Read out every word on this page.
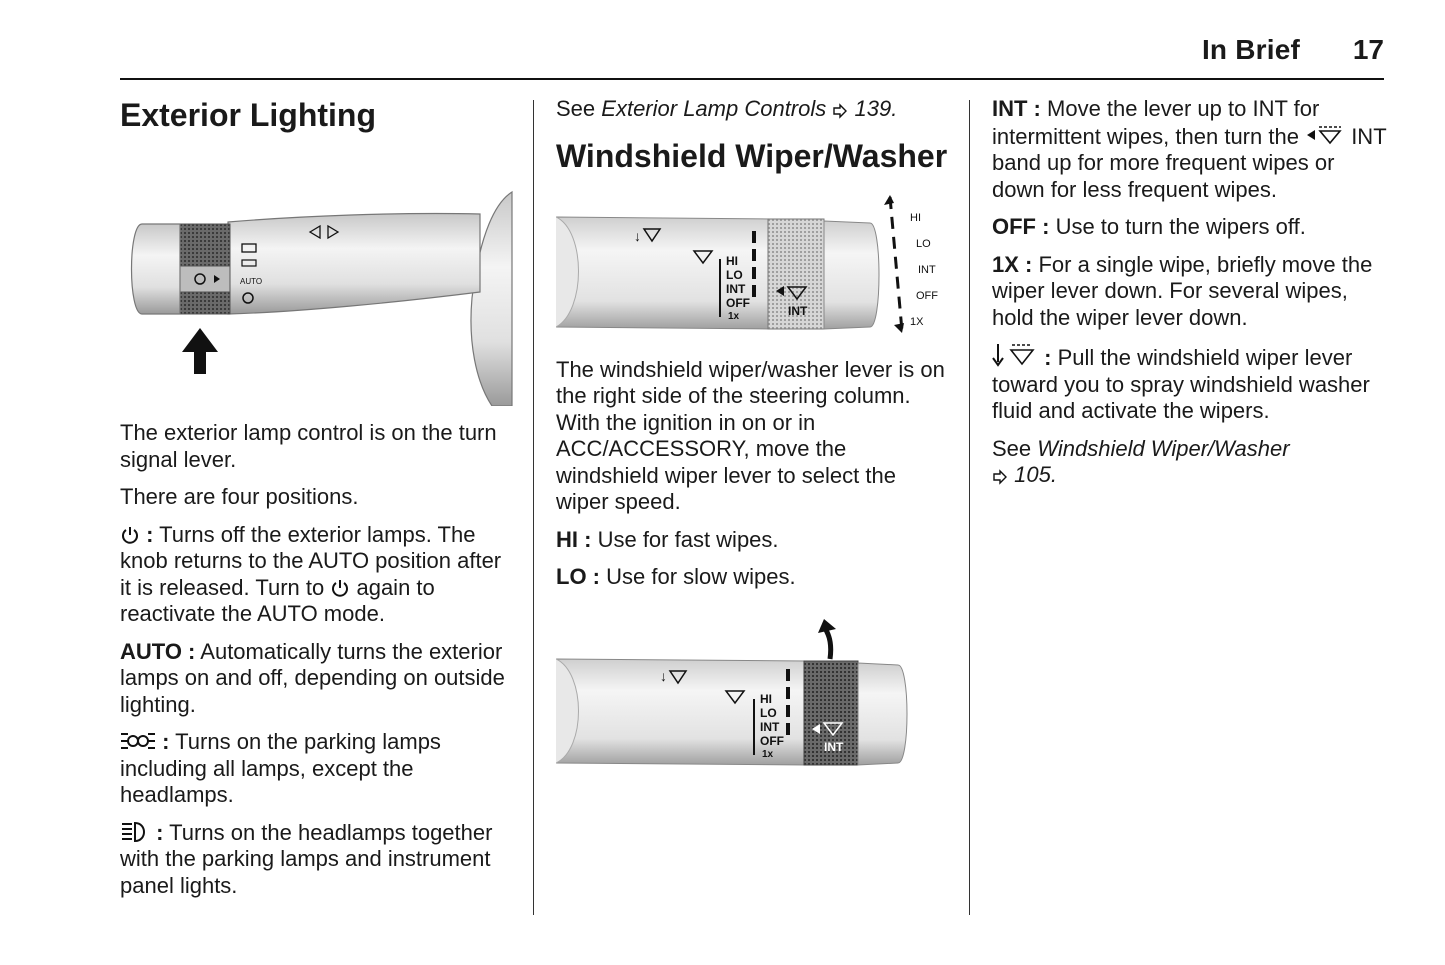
In Brief 17
Exterior Lighting
AUTO

The exterior lamp control is on the turn signal lever.

There are four positions.

: Turns off the exterior lamps. The knob returns to the AUTO position after it is released. Turn to again to reactivate the AUTO mode.

AUTO : Automatically turns the exterior lamps on and off, depending on outside lighting.

: Turns on the parking lamps including all lamps, except the headlamps.

: Turns on the headlamps together with the parking lamps and instrument panel lights.

See Exterior Lamp Controls 139.

Windshield Wiper/Washer
↓
HI
LO
INT
OFF
1x	INT
HI
LO
INT
OFF
1X

The windshield wiper/washer lever is on the right side of the steering column. With the ignition in on or in ACC/ACCESSORY, move the windshield wiper lever to select the wiper speed.

HI : Use for fast wipes.

LO : Use for slow wipes.

↓
HI
LO
INT
OFF
1x
INT

INT : Move the lever up to INT for intermittent wipes, then turn the INT band up for more frequent wipes or down for less frequent wipes.

OFF : Use to turn the wipers off.

1X : For a single wipe, briefly move the wiper lever down. For several wipes, hold the wiper lever down.

: Pull the windshield wiper lever toward you to spray windshield washer fluid and activate the wipers.

See Windshield Wiper/Washer
105.
